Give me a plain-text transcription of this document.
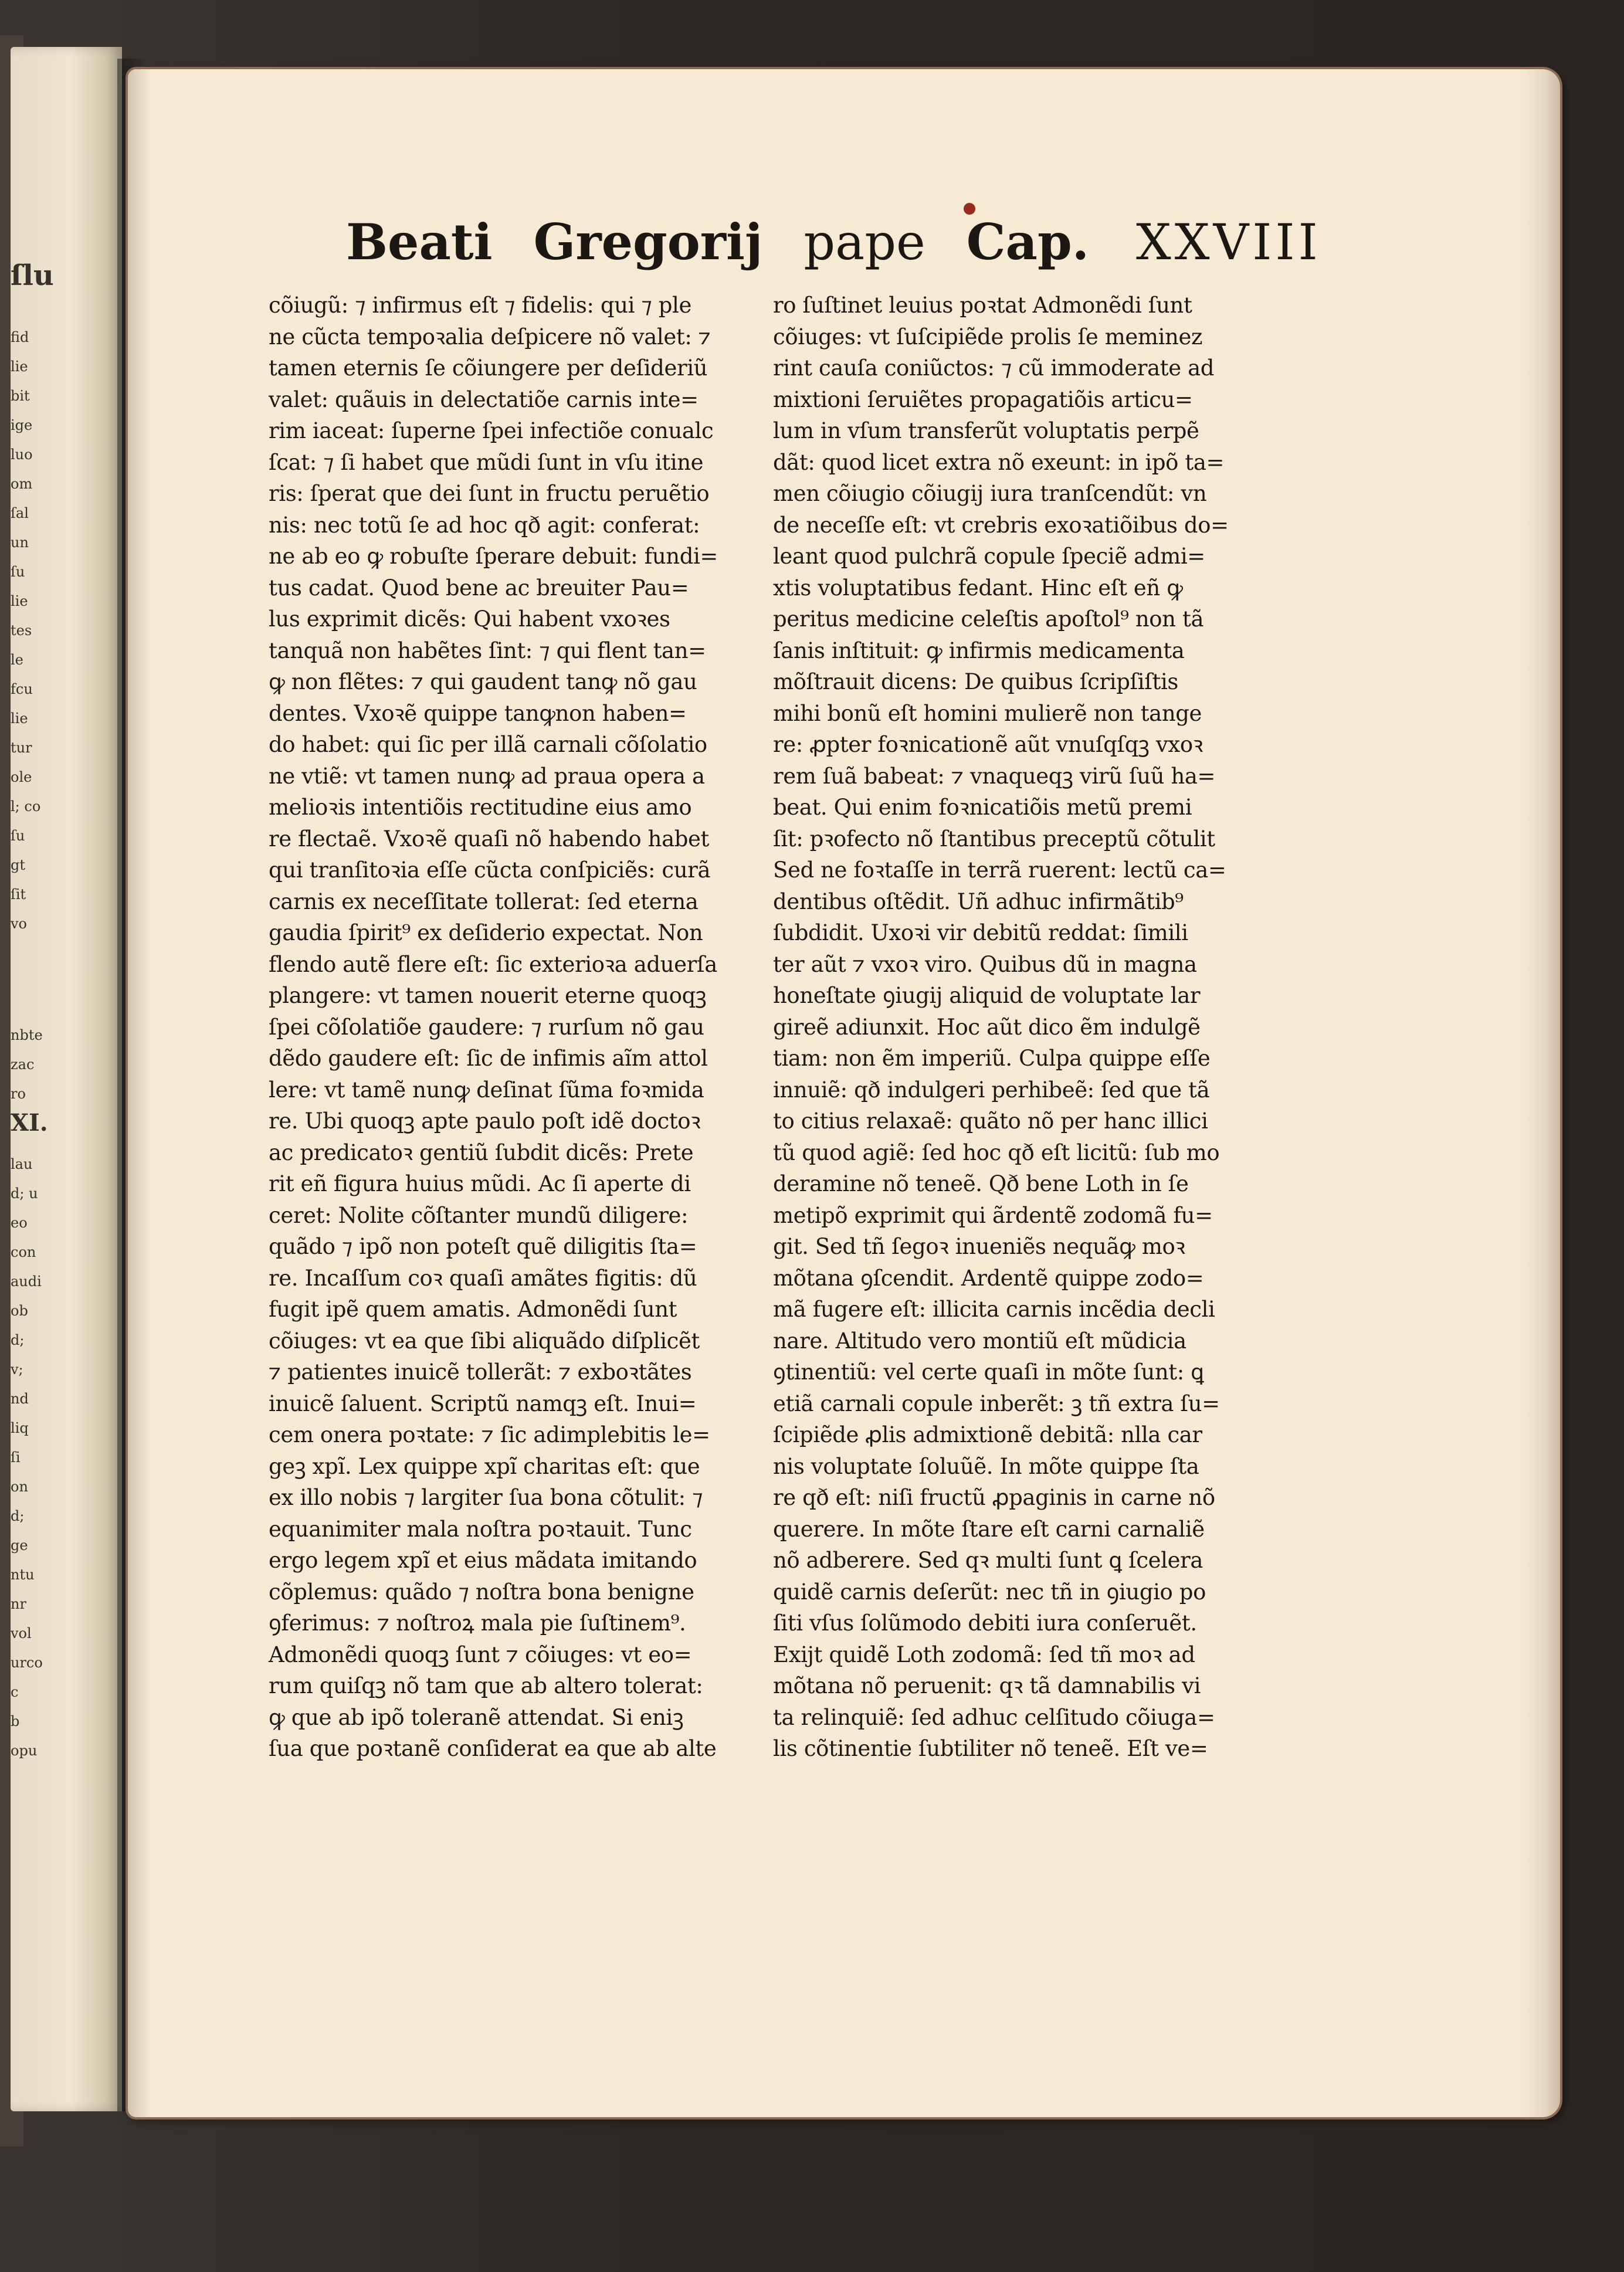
ſlu
fid
lie
bit
ige
luo
om
ſal
un
ſu
lie
tes
le
fcu
lie
tur
ole
l; co
ſu
gt
ſit
vo
nbte
zac
ro
XI.
lau
d; u
eo
con
audi
ob
d;
v;
nd
liq
ſi
on
d;
ge
ntu
nr
vol
urco
c
b
opu
Beati Gregorij pape Cap. XXVIII
cõiugũ: ⁊ infirmus eſt ⁊ fidelis: qui ⁊ ple
ne cũcta tempoꝛalia deſpicere nõ valet: ⁊
tamen eternis ſe cõiungere per deſideriũ
valet: quãuis in delectatiõe carnis inte=
rim iaceat: ſuperne ſpei infectiõe conualc
ſcat: ⁊ ſi habet que mũdi ſunt in vſu itine
ris: ſperat que dei ſunt in fructu peruẽtio
nis: nec totũ ſe ad hoc qð agit: conferat:
ne ab eo ꝙ robuſte ſperare debuit: fundi=
tus cadat. Quod bene ac breuiter Pau=
lus exprimit dicẽs: Qui habent vxoꝛes
tanquã non habẽtes ſint: ⁊ qui flent tan=
ꝙ non flẽtes: ⁊ qui gaudent tanꝙ nõ gau
dentes. Vxoꝛẽ quippe tanꝙnon haben=
do habet: qui ſic per illã carnali cõſolatio
ne vtiẽ: vt tamen nunꝙ ad praua opera a
melioꝛis intentiõis rectitudine eius amo
re flectaẽ. Vxoꝛẽ quaſi nõ habendo habet
qui tranſitoꝛia eſſe cũcta conſpiciẽs: curã
carnis ex neceſſitate tollerat: ſed eterna
gaudia ſpirit⁹ ex deſiderio expectat. Non
flendo autẽ flere eſt: ſic exterioꝛa aduerſa
plangere: vt tamen nouerit eterne quoqꝫ
ſpei cõſolatiõe gaudere: ⁊ rurſum nõ gau
dẽdo gaudere eſt: ſic de infimis aĩm attol
lere: vt tamẽ nunꝙ deſinat ſũma foꝛmida
re. Ubi quoqꝫ apte paulo poſt idẽ doctoꝛ
ac predicatoꝛ gentiũ ſubdit dicẽs: Prete
rit eñ figura huius mũdi. Ac ſi aperte di
ceret: Nolite cõſtanter mundũ diligere:
quãdo ⁊ ipõ non poteſt quẽ diligitis ſta=
re. Incaſſum coꝛ quaſi amãtes figitis: dũ
fugit ipẽ quem amatis. Admonẽdi ſunt
cõiuges: vt ea que ſibi aliquãdo diſplicẽt
⁊ patientes inuicẽ tollerãt: ⁊ exboꝛtãtes
inuicẽ ſaluent. Scriptũ namqꝫ eſt. Inui=
cem onera poꝛtate: ⁊ ſic adimplebitis le=
geꝫ xpĩ. Lex quippe xpĩ charitas eſt: que
ex illo nobis ⁊ largiter ſua bona cõtulit: ⁊
equanimiter mala noſtra poꝛtauit. Tunc
ergo legem xpĩ et eius mãdata imitando
cõplemus: quãdo ⁊ noſtra bona benigne
ꝯferimus: ⁊ noſtroꝝ mala pie ſuſtinem⁹.
Admonẽdi quoqꝫ ſunt ⁊ cõiuges: vt eo=
rum quiſqꝫ nõ tam que ab altero tolerat:
ꝙ que ab ipõ toleranẽ attendat. Si eniꝫ
ſua que poꝛtanẽ conſiderat ea que ab alte
ro ſuſtinet leuius poꝛtat Admonẽdi ſunt
cõiuges: vt ſuſcipiẽde prolis ſe meminez
rint cauſa coniũctos: ⁊ cũ immoderate ad
mixtioni ſeruiẽtes propagatiõis articu=
lum in vſum transferũt voluptatis perpẽ
dãt: quod licet extra nõ exeunt: in ipõ ta=
men cõiugio cõiugij iura tranſcendũt: vn
de neceſſe eſt: vt crebris exoꝛatiõibus do=
leant quod pulchrã copule ſpeciẽ admi=
xtis voluptatibus fedant. Hinc eſt eñ ꝙ
peritus medicine celeſtis apoſtol⁹ non tã
ſanis inſtituit: ꝙ infirmis medicamenta
mõſtrauit dicens: De quibus ſcripſiſtis
mihi bonũ eſt homini mulierẽ non tange
re: ꝓpter foꝛnicationẽ aũt vnuſqſqꝫ vxoꝛ
rem ſuã babeat: ⁊ vnaqueqꝫ virũ ſuũ ha=
beat. Qui enim foꝛnicatiõis metũ premi
ſit: pꝛofecto nõ ſtantibus preceptũ cõtulit
Sed ne foꝛtaſſe in terrã ruerent: lectũ ca=
dentibus oſtẽdit. Uñ adhuc infirmãtib⁹
ſubdidit. Uxoꝛi vir debitũ reddat: ſimili
ter aũt ⁊ vxoꝛ viro. Quibus dũ in magna
honeſtate ꝯiugij aliquid de voluptate lar
gireẽ adiunxit. Hoc aũt dico ẽm indulgẽ
tiam: non ẽm imperiũ. Culpa quippe eſſe
innuiẽ: qð indulgeri perhibeẽ: ſed que tã
to citius relaxaẽ: quãto nõ per hanc illici
tũ quod agiẽ: ſed hoc qð eſt licitũ: ſub mo
deramine nõ teneẽ. Qð bene Loth in ſe
metipõ exprimit qui ãrdentẽ zodomã fu=
git. Sed tñ ſegoꝛ inueniẽs nequãꝙ moꝛ
mõtana ꝯſcendit. Ardentẽ quippe zodo=
mã fugere eſt: illicita carnis incẽdia decli
nare. Altitudo vero montiũ eſt mũdicia
ꝯtinentiũ: vel certe quaſi in mõte ſunt: ꝗ
etiã carnali copule inberẽt: ꝫ tñ extra ſu=
ſcipiẽde ꝓlis admixtionẽ debitã: nlla car
nis voluptate ſoluũẽ. In mõte quippe ſta
re qð eſt: niſi fructũ ꝓpaginis in carne nõ
querere. In mõte ſtare eſt carni carnaliẽ
nõ adberere. Sed qꝛ multi ſunt ꝗ ſcelera
quidẽ carnis deſerũt: nec tñ in ꝯiugio po
ſiti vſus ſolũmodo debiti iura conſeruẽt.
Exijt quidẽ Loth zodomã: ſed tñ moꝛ ad
mõtana nõ peruenit: qꝛ tã damnabilis vi
ta relinquiẽ: ſed adhuc celſitudo cõiuga=
lis cõtinentie ſubtiliter nõ teneẽ. Eſt ve=
